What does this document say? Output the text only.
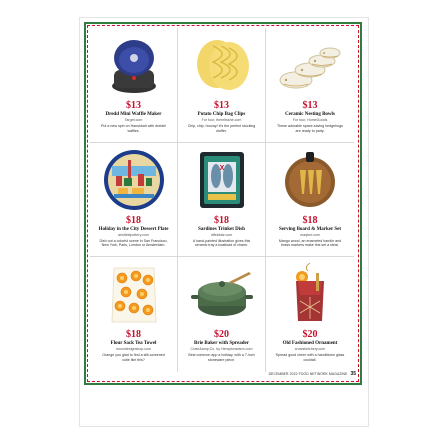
$13
Dredd Mini Waffle Maker
Target.com
Put a new spin on Hanukkah with dreidel waffles.
$13
Potato Chip Bag Clips
For four, thereitsshe.com
Chip, chip, hooray! It's the perfect stocking stuffer.
$13
Ceramic Nesting Bowls
For four, HomeGoods
These adorable space-saving hedgehogs are ready to party.
$18
Holiday in the City Dessert Plate
ansfieldpottery.com
Dish out a colorful scene in San Francisco, New York, Paris, London or Amsterdam.
X
$18
Sardines Trinket Dish
dtfeiddar.com
A hand-painted illustration gives this ceramic tray a boatload of charm.
$18
Serving Board & Marker Set
maqber.com
Mango wood, an enameled handle and brass markers make this set a steal.
$18
Flour Sack Tea Towel
moondesignshop.com
Orange you glad to find a silk-screened cutie like this?
$20
Brie Baker with Spreader
Crate&amp;Co. by Hemptonsfarm.com
Best common app a holiday, with a 7-inch stoneware piece.
$20
Old Fashioned Ornament
crowsketchery.com
Spread good cheer with a handblown glass cocktail.
DECEMBER 2022 FOOD NETWORK MAGAZINE 35
